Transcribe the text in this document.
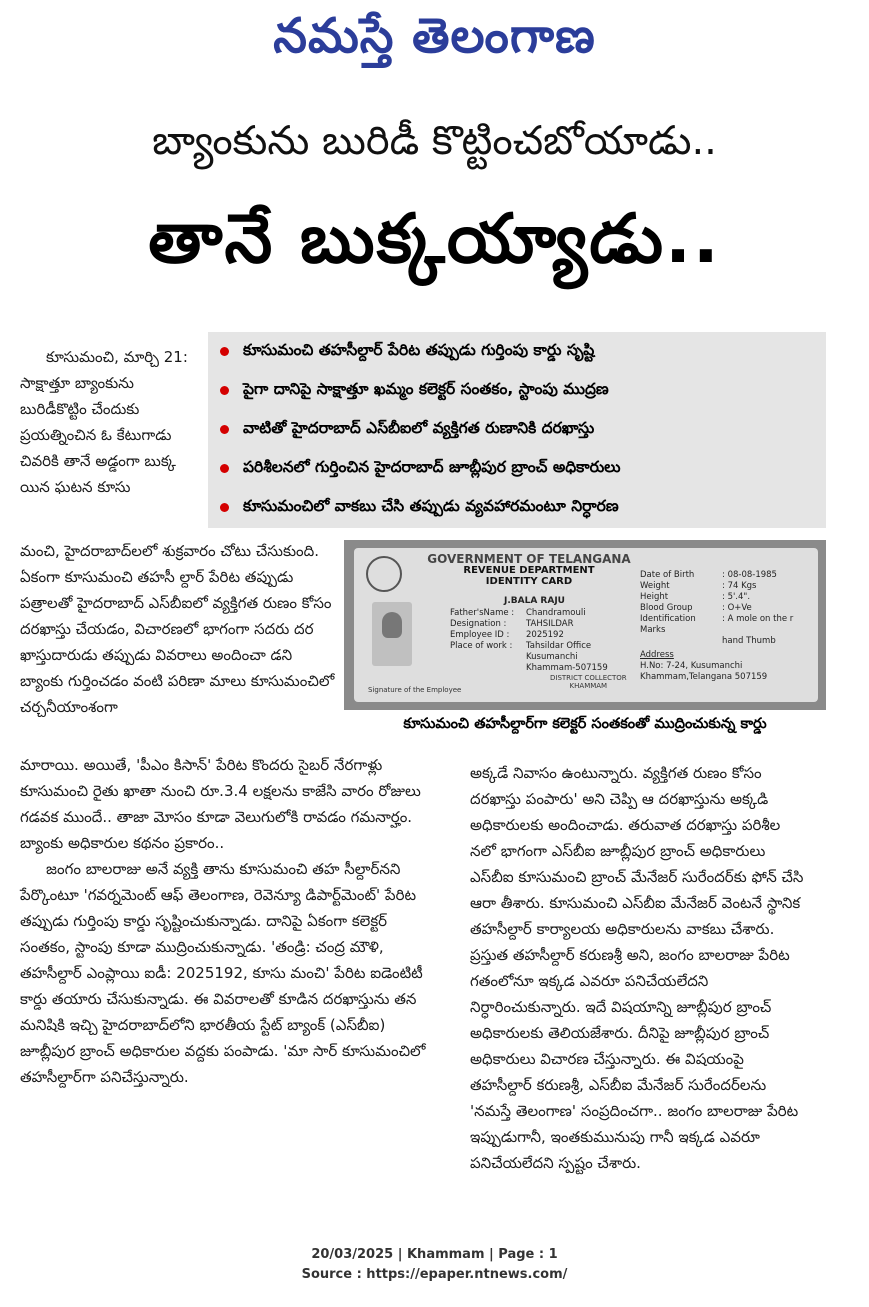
నమస్తే తెలంగాణ
బ్యాంకును బురిడీ కొట్టించబోయాడు..
తానే బుక్కయ్యాడు..
కూసుమంచి తహసీల్దార్ పేరిట తప్పుడు గుర్తింపు కార్డు సృష్టి
పైగా దానిపై సాక్షాత్తూ ఖమ్మం కలెక్టర్ సంతకం, స్టాంపు ముద్రణ
వాటితో హైదరాబాద్ ఎస్‌బీఐలో వ్యక్తిగత రుణానికి దరఖాస్తు
పరిశీలనలో గుర్తించిన హైదరాబాద్ జూబ్లీపుర బ్రాంచ్ అధికారులు
కూసుమంచిలో వాకబు చేసి తప్పుడు వ్యవహారమంటూ నిర్ధారణ

కూసుమంచి, మార్చి 21: సాక్షాత్తూ బ్యాంకును బురిడీకొట్టిం చేందుకు ప్రయత్నించిన ఓ కేటుగాడు చివరికి తానే అడ్డంగా బుక్క యిన ఘటన కూసు

మంచి, హైదరాబాద్‌లలో శుక్రవారం చోటు చేసుకుంది. ఏకంగా కూసుమంచి తహసీ ల్దార్ పేరిట తప్పుడు పత్రాలతో హైదరాబాద్ ఎస్‌బీఐలో వ్యక్తిగత రుణం కోసం దరఖాస్తు చేయడం, విచారణలో భాగంగా సదరు దర ఖాస్తుదారుడు తప్పుడు వివరాలు అందించా డని బ్యాంకు గుర్తించడం వంటి పరిణా మాలు కూసుమంచిలో చర్చనీయాంశంగా

మారాయి. అయితే, 'పీఎం కిసాన్' పేరిట కొందరు సైబర్ నేరగాళ్లు కూసుమంచి రైతు ఖాతా నుంచి రూ.3.4 లక్షలను కాజేసి వారం రోజులు గడవక ముందే.. తాజా మోసం కూడా వెలుగులోకి రావడం గమనార్హం. బ్యాంకు అధికారుల కథనం ప్రకారం..

జంగం బాలరాజు అనే వ్యక్తి తాను కూసుమంచి తహ సీల్దార్‌నని పేర్కొంటూ 'గవర్నమెంట్ ఆఫ్ తెలంగాణ, రెవెన్యూ డిపార్ట్‌మెంట్' పేరిట తప్పుడు గుర్తింపు కార్డు సృష్టించుకున్నాడు. దానిపై ఏకంగా కలెక్టర్ సంతకం, స్టాంపు కూడా ముద్రించుకున్నాడు. 'తండ్రి: చంద్ర మౌళి, తహసీల్దార్ ఎంప్లాయి ఐడీ: 2025192, కూసు మంచి' పేరిట ఐడెంటిటీ కార్డు తయారు చేసుకున్నాడు. ఈ వివరాలతో కూడిన దరఖాస్తును తన మనిషికి ఇచ్చి హైదరాబాద్‌లోని భారతీయ స్టేట్ బ్యాంక్ (ఎస్‌బీఐ) జూబ్లీపుర బ్రాంచ్ అధికారుల వద్దకు పంపాడు. 'మా సార్ కూసుమంచిలో తహసీల్దార్‌గా పనిచేస్తున్నారు.

GOVERNMENT OF TELANGANA
REVENUE DEPARTMENT
IDENTITY CARD
J.BALA RAJU
Father'sName :	Chandramouli
Designation :	TAHSILDAR
Employee ID :	2025192
Place of work :	Tahsildar Office
Kusumanchi
Khammam-507159
Date of Birth	: 08-08-1985
Weight	: 74 Kgs
Height	: 5'.4".
Blood Group	: O+Ve
Identification Marks
: A mole on the r
hand Thumb
Address
H.No: 7-24, Kusumanchi
Khammam,Telangana 507159
Signature of the Employee
DISTRICT COLLECTOR
KHAMMAM
కూసుమంచి తహసీల్దార్‌గా కలెక్టర్ సంతకంతో ముద్రించుకున్న కార్డు

అక్కడే నివాసం ఉంటున్నారు. వ్యక్తిగత రుణం కోసం దరఖాస్తు పంపారు' అని చెప్పి ఆ దరఖాస్తును అక్కడి అధికారులకు అందించాడు. తరువాత దరఖాస్తు పరిశీల నలో భాగంగా ఎస్‌బీఐ జూబ్లీపుర బ్రాంచ్ అధికారులు ఎస్‌బీఐ కూసుమంచి బ్రాంచ్ మేనేజర్ సురేందర్‌కు ఫోన్ చేసి ఆరా తీశారు. కూసుమంచి ఎస్‌బీఐ మేనేజర్ వెంటనే స్థానిక తహసీల్దార్ కార్యాలయ అధికారులను వాకబు చేశారు. ప్రస్తుత తహసీల్దార్ కరుణశ్రీ అని, జంగం బాలరాజు పేరిట గతంలోనూ ఇక్కడ ఎవరూ పనిచేయలేదని నిర్ధారించుకున్నారు. ఇదే విషయాన్ని జూబ్లీపుర బ్రాంచ్ అధికారులకు తెలియజేశారు. దీనిపై జూబ్లీపుర బ్రాంచ్ అధికారులు విచారణ చేస్తున్నారు. ఈ విషయంపై తహసీల్దార్ కరుణశ్రీ, ఎస్‌బీఐ మేనేజర్ సురేందర్‌లను 'నమస్తే తెలంగాణ' సంప్రదించగా.. జంగం బాలరాజు పేరిట ఇప్పుడుగానీ, ఇంతకుమునుపు గానీ ఇక్కడ ఎవరూ పనిచేయలేదని స్పష్టం చేశారు.

20/03/2025 | Khammam | Page : 1
Source : https://epaper.ntnews.com/
